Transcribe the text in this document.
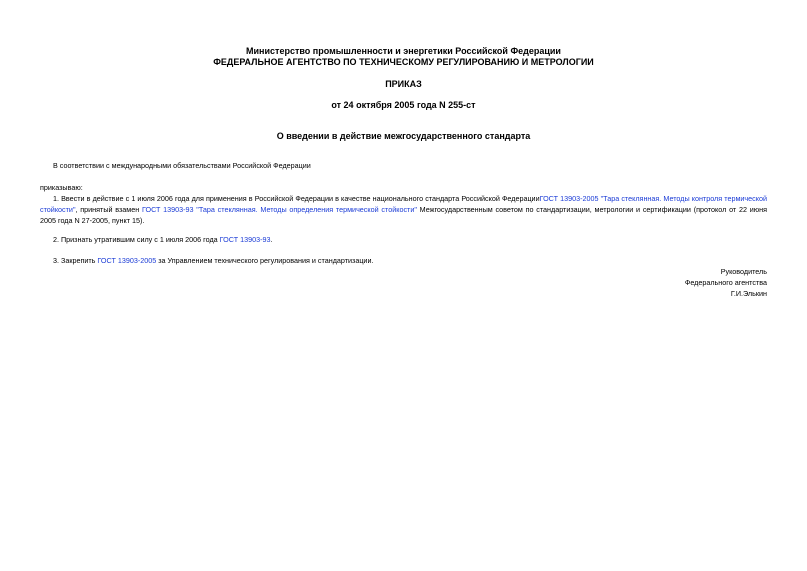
Министерство промышленности и энергетики Российской Федерации
ФЕДЕРАЛЬНОЕ АГЕНТСТВО ПО ТЕХНИЧЕСКОМУ РЕГУЛИРОВАНИЮ И МЕТРОЛОГИИ
ПРИКАЗ
от 24 октября 2005 года N 255-ст
О введении в действие межгосударственного стандарта
В соответствии с международными обязательствами Российской Федерации
приказываю:
1. Ввести в действие с 1 июля 2006 года для применения в Российской Федерации в качестве национального стандарта Российской ФедерацииГОСТ 13903-2005 "Тара стеклянная. Методы контроля термической стойкости", принятый взамен ГОСТ 13903-93 "Тара стеклянная. Методы определения термической стойкости" Межгосударственным советом по стандартизации, метрологии и сертификации (протокол от 22 июня 2005 года N 27-2005, пункт 15).
2. Признать утратившим силу с 1 июля 2006 года ГОСТ 13903-93.
3. Закрепить ГОСТ 13903-2005 за Управлением технического регулирования и стандартизации.
Руководитель
Федерального агентства
Г.И.Элькин
